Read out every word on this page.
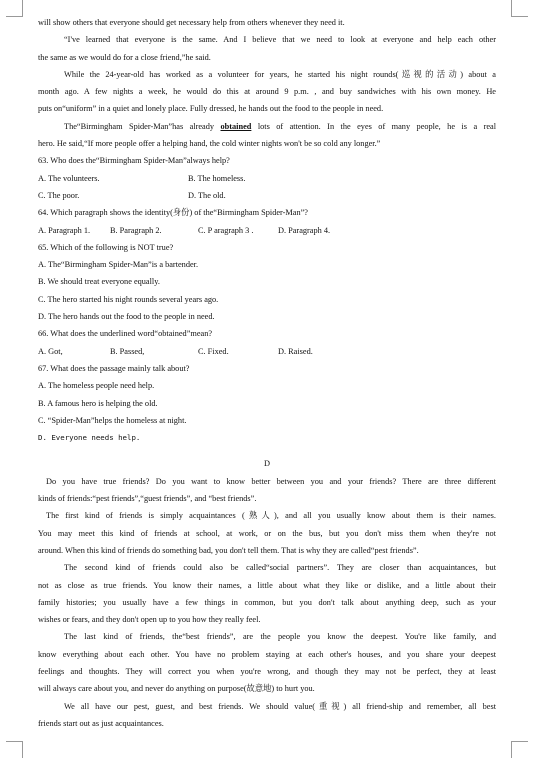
will show others that everyone should get necessary help from others whenever they need it.
“I've learned that everyone is the same. And I believe that we need to look at everyone and help each other
the same as we would do for a close friend,”he said.
While the 24-year-old has worked as a volunteer for years, he started his night rounds(巡视的活动) about a
month ago. A few nights a week, he would do this at around 9 p.m. , and buy sandwiches with his own money. He
puts on“uniform” in a quiet and lonely place. Fully dressed, he hands out the food to the people in need.
The“Birmingham Spider-Man”has already obtained lots of attention. In the eyes of many people, he is a real
hero. He said,“If more people offer a helping hand, the cold winter nights won't be so cold any longer.”
63. Who does the“Birmingham Spider-Man”always help?
A. The volunteers.	B. The homeless.
C. The poor.	D. The old.
64. Which paragraph shows the identity(身份) of the“Birmingham Spider-Man”?
A. Paragraph 1. B. Paragraph 2.	C. P aragraph 3 .	D. Paragraph 4.
65. Which of the following is NOT true?
A. The“Birmingham Spider-Man”is a bartender.
B. We should treat everyone equally.
C. The hero started his night rounds several years ago.
D. The hero hands out the food to the people in need.
66. What does the underlined word“obtained”mean?
A. Got,	B. Passed,	C. Fixed.	D. Raised.
67. What does the passage mainly talk about?
A. The homeless people need help.
B. A famous hero is helping the old.
C. “Spider-Man”helps the homeless at night.
D. Everyone needs help.
D
Do you have true friends? Do you want to know better between you and your friends? There are three different
kinds of friends:“pest friends”,“guest friends”, and “best friends”.
The first kind of friends is simply acquaintances (熟人), and all you usually know about them is their names.
You may meet this kind of friends at school, at work, or on the bus, but you don't miss them when they're not
around. When this kind of friends do something bad, you don't tell them. That is why they are called“pest friends”.
The second kind of friends could also be called“social partners”. They are closer than acquaintances, but
not as close as true friends. You know their names, a little about what they like or dislike, and a little about their
family histories; you usually have a few things in common, but you don't talk about anything deep, such as your
wishes or fears, and they don't open up to you how they really feel.
The last kind of friends, the“best friends”, are the people you know the deepest. You're like family, and
know everything about each other. You have no problem staying at each other's houses, and you share your deepest
feelings and thoughts. They will correct you when you're wrong, and though they may not be perfect, they at least
will always care about you, and never do anything on purpose(故意地) to hurt you.
We all have our pest, guest, and best friends. We should value(重视) all friend-ship and remember, all best
friends start out as just acquaintances.
